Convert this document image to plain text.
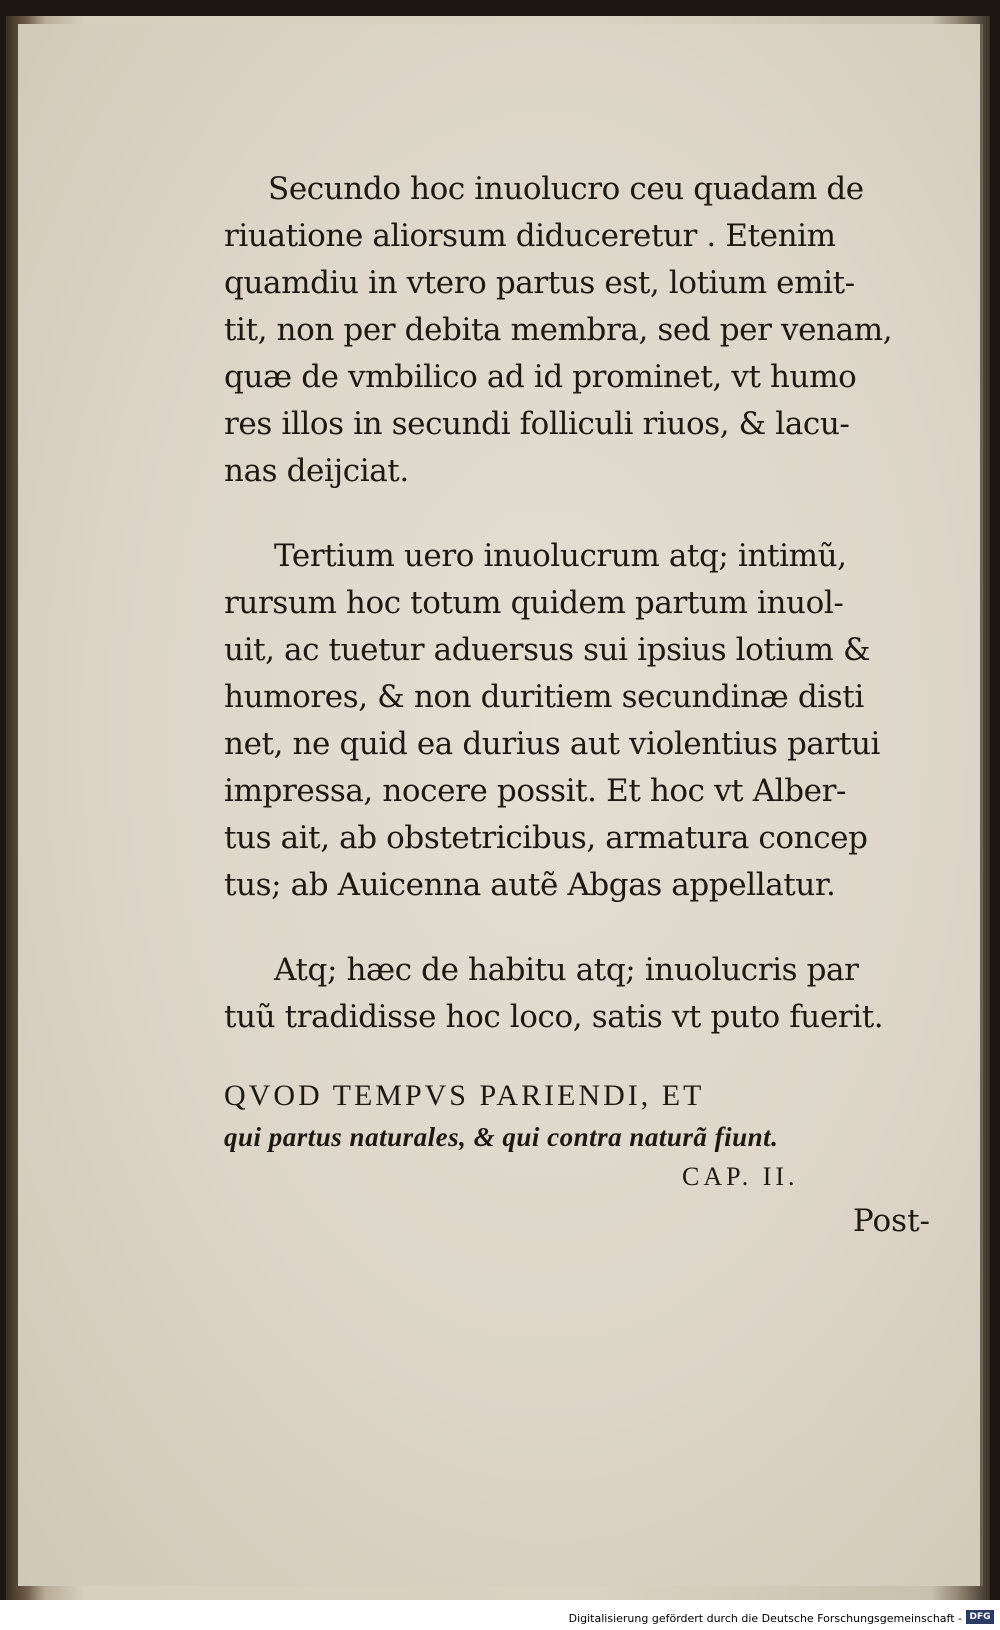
Secundo hoc inuolucro ceu quadam de
riuatione aliorsum diduceretur . Etenim
quamdiu in vtero partus est, lotium emit-
tit, non per debita membra, sed per venam,
quæ de vmbilico ad id prominet, vt humo
res illos in secundi folliculi riuos, & lacu-
nas deijciat.
Tertium uero inuolucrum atq; intimũ,
rursum hoc totum quidem partum inuol-
uit, ac tuetur aduersus sui ipsius lotium &
humores, & non duritiem secundinæ disti
net, ne quid ea durius aut violentius partui
impressa, nocere possit. Et hoc vt Alber-
tus ait, ab obstetricibus, armatura concep
tus; ab Auicenna autẽ Abgas appellatur.
Atq; hæc de habitu atq; inuolucris par
tuũ tradidisse hoc loco, satis vt puto fuerit.
QVOD TEMPVS PARIENDI, ET
qui partus naturales, & qui contra naturã fiunt.
CAP. II.
Post-
Digitalisierung gefördert durch die Deutsche Forschungsgemeinschaft - DFG
